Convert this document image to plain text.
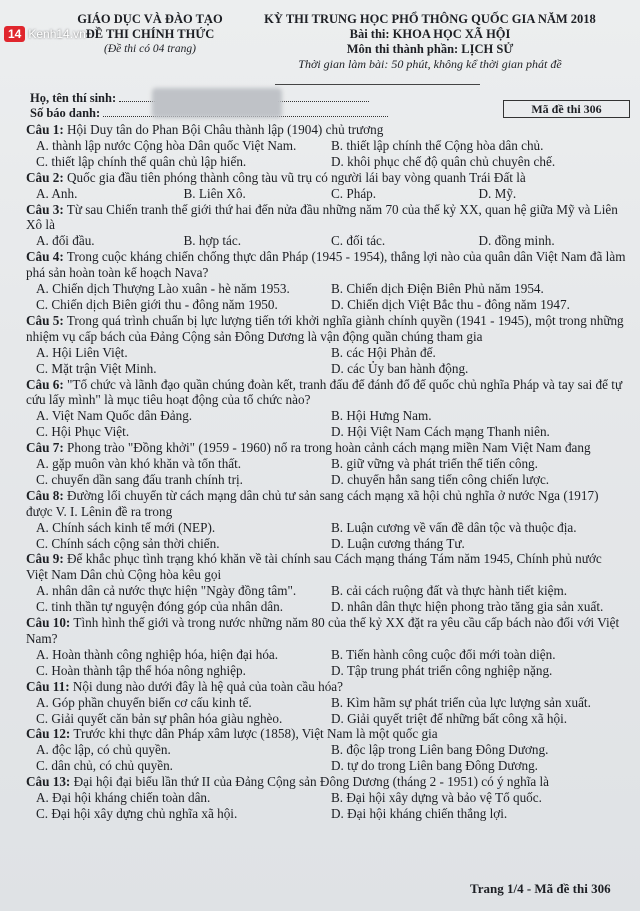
14 Kenh14.vn
GIÁO DỤC VÀ ĐÀO TẠO
ĐỀ THI CHÍNH THỨC
(Đề thi có 04 trang)
KỲ THI TRUNG HỌC PHỔ THÔNG QUỐC GIA NĂM 2018
Bài thi: KHOA HỌC XÃ HỘI
Môn thi thành phần: LỊCH SỬ
Thời gian làm bài: 50 phút, không kể thời gian phát đề
Họ, tên thí sinh:
Số báo danh:	Mã đề thi 306
Câu 1: Hội Duy tân do Phan Bội Châu thành lập (1904) chủ trương
A. thành lập nước Cộng hòa Dân quốc Việt Nam.	B. thiết lập chính thể Cộng hòa dân chủ.
C. thiết lập chính thể quân chủ lập hiến.	D. khôi phục chế độ quân chủ chuyên chế.
Câu 2: Quốc gia đầu tiên phóng thành công tàu vũ trụ có người lái bay vòng quanh Trái Đất là
A. Anh.	B. Liên Xô.	C. Pháp.	D. Mỹ.
Câu 3: Từ sau Chiến tranh thế giới thứ hai đến nửa đầu những năm 70 của thế kỷ XX, quan hệ giữa Mỹ và Liên Xô là
A. đối đầu.	B. hợp tác.	C. đối tác.	D. đồng minh.
Câu 4: Trong cuộc kháng chiến chống thực dân Pháp (1945 - 1954), thắng lợi nào của quân dân Việt Nam đã làm phá sản hoàn toàn kế hoạch Nava?
A. Chiến dịch Thượng Lào xuân - hè năm 1953.	B. Chiến dịch Điện Biên Phủ năm 1954.
C. Chiến dịch Biên giới thu - đông năm 1950.	D. Chiến dịch Việt Bắc thu - đông năm 1947.
Câu 5: Trong quá trình chuẩn bị lực lượng tiến tới khởi nghĩa giành chính quyền (1941 - 1945), một trong những nhiệm vụ cấp bách của Đảng Cộng sản Đông Dương là vận động quần chúng tham gia
A. Hội Liên Việt.	B. các Hội Phản đế.
C. Mặt trận Việt Minh.	D. các Ủy ban hành động.
Câu 6: "Tổ chức và lãnh đạo quần chúng đoàn kết, tranh đấu để đánh đổ đế quốc chủ nghĩa Pháp và tay sai để tự cứu lấy mình" là mục tiêu hoạt động của tổ chức nào?
A. Việt Nam Quốc dân Đảng.	B. Hội Hưng Nam.
C. Hội Phục Việt.	D. Hội Việt Nam Cách mạng Thanh niên.
Câu 7: Phong trào "Đồng khởi" (1959 - 1960) nổ ra trong hoàn cảnh cách mạng miền Nam Việt Nam đang
A. gặp muôn vàn khó khăn và tổn thất.	B. giữ vững và phát triển thế tiến công.
C. chuyển dần sang đấu tranh chính trị.	D. chuyển hẳn sang tiến công chiến lược.
Câu 8: Đường lối chuyển từ cách mạng dân chủ tư sản sang cách mạng xã hội chủ nghĩa ở nước Nga (1917) được V. I. Lênin đề ra trong
A. Chính sách kinh tế mới (NEP).	B. Luận cương về vấn đề dân tộc và thuộc địa.
C. Chính sách cộng sản thời chiến.	D. Luận cương tháng Tư.
Câu 9: Để khắc phục tình trạng khó khăn về tài chính sau Cách mạng tháng Tám năm 1945, Chính phủ nước Việt Nam Dân chủ Cộng hòa kêu gọi
A. nhân dân cả nước thực hiện "Ngày đồng tâm".	B. cải cách ruộng đất và thực hành tiết kiệm.
C. tinh thần tự nguyện đóng góp của nhân dân.	D. nhân dân thực hiện phong trào tăng gia sản xuất.
Câu 10: Tình hình thế giới và trong nước những năm 80 của thế kỷ XX đặt ra yêu cầu cấp bách nào đối với Việt Nam?
A. Hoàn thành công nghiệp hóa, hiện đại hóa.	B. Tiến hành công cuộc đổi mới toàn diện.
C. Hoàn thành tập thể hóa nông nghiệp.	D. Tập trung phát triển công nghiệp nặng.
Câu 11: Nội dung nào dưới đây là hệ quả của toàn cầu hóa?
A. Góp phần chuyển biến cơ cấu kinh tế.	B. Kìm hãm sự phát triển của lực lượng sản xuất.
C. Giải quyết căn bản sự phân hóa giàu nghèo.	D. Giải quyết triệt để những bất công xã hội.
Câu 12: Trước khi thực dân Pháp xâm lược (1858), Việt Nam là một quốc gia
A. độc lập, có chủ quyền.	B. độc lập trong Liên bang Đông Dương.
C. dân chủ, có chủ quyền.	D. tự do trong Liên bang Đông Dương.
Câu 13: Đại hội đại biểu lần thứ II của Đảng Cộng sản Đông Dương (tháng 2 - 1951) có ý nghĩa là
A. Đại hội kháng chiến toàn dân.	B. Đại hội xây dựng và bảo vệ Tổ quốc.
C. Đại hội xây dựng chủ nghĩa xã hội.	D. Đại hội kháng chiến thắng lợi.
Trang 1/4 - Mã đề thi 306
